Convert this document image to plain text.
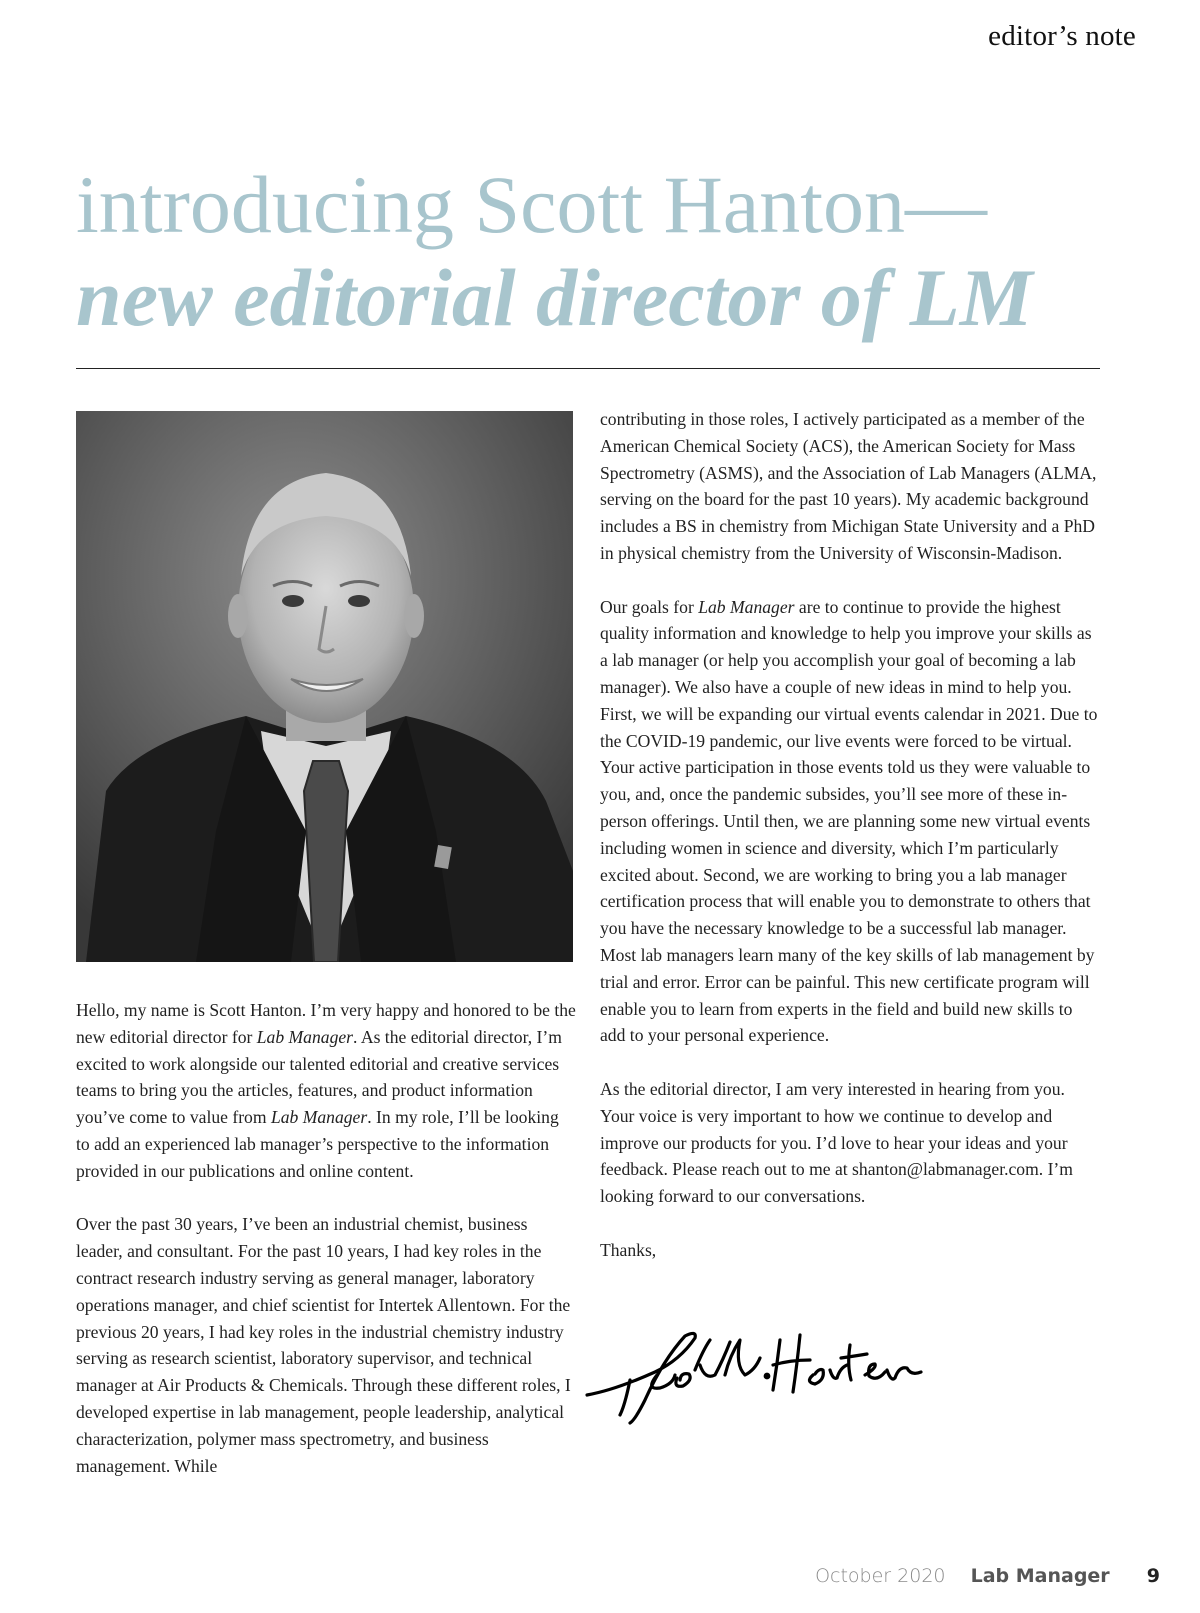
editor’s note
introducing Scott Hanton—
new editorial director of LM

Hello, my name is Scott Hanton. I’m very happy and honored to be the new editorial director for Lab Manager. As the editorial director, I’m excited to work alongside our talented editorial and creative services teams to bring you the articles, features, and product information you’ve come to value from Lab Manager. In my role, I’ll be looking to add an experienced lab manager’s perspective to the information provided in our publications and online content.

Over the past 30 years, I’ve been an industrial chemist, business leader, and consultant. For the past 10 years, I had key roles in the contract research industry serving as general manager, laboratory operations manager, and chief scientist for Intertek Allentown. For the previous 20 years, I had key roles in the industrial chemistry industry serving as research scientist, laboratory supervisor, and technical manager at Air Products & Chemicals. Through these different roles, I developed expertise in lab management, people leadership, analytical characterization, polymer mass spectrometry, and business management. While

contributing in those roles, I actively participated as a member of the American Chemical Society (ACS), the American Society for Mass Spectrometry (ASMS), and the Association of Lab Managers (ALMA, serving on the board for the past 10 years). My academic background includes a BS in chemistry from Michigan State University and a PhD in physical chemistry from the University of Wisconsin-Madison.

Our goals for Lab Manager are to continue to provide the highest quality information and knowledge to help you improve your skills as a lab manager (or help you accomplish your goal of becoming a lab manager). We also have a couple of new ideas in mind to help you. First, we will be expanding our virtual events calendar in 2021. Due to the COVID-19 pandemic, our live events were forced to be virtual. Your active participation in those events told us they were valuable to you, and, once the pandemic subsides, you’ll see more of these in-person offerings. Until then, we are planning some new virtual events including women in science and diversity, which I’m particularly excited about. Second, we are working to bring you a lab manager certification process that will enable you to demonstrate to others that you have the necessary knowledge to be a successful lab manager. Most lab managers learn many of the key skills of lab management by trial and error. Error can be painful. This new certificate program will enable you to learn from experts in the field and build new skills to add to your personal experience.

As the editorial director, I am very interested in hearing from you. Your voice is very important to how we continue to develop and improve our products for you. I’d love to hear your ideas and your feedback. Please reach out to me at shanton@labmanager.com. I’m looking forward to our conversations.

Thanks,

October 2020 Lab Manager 9
